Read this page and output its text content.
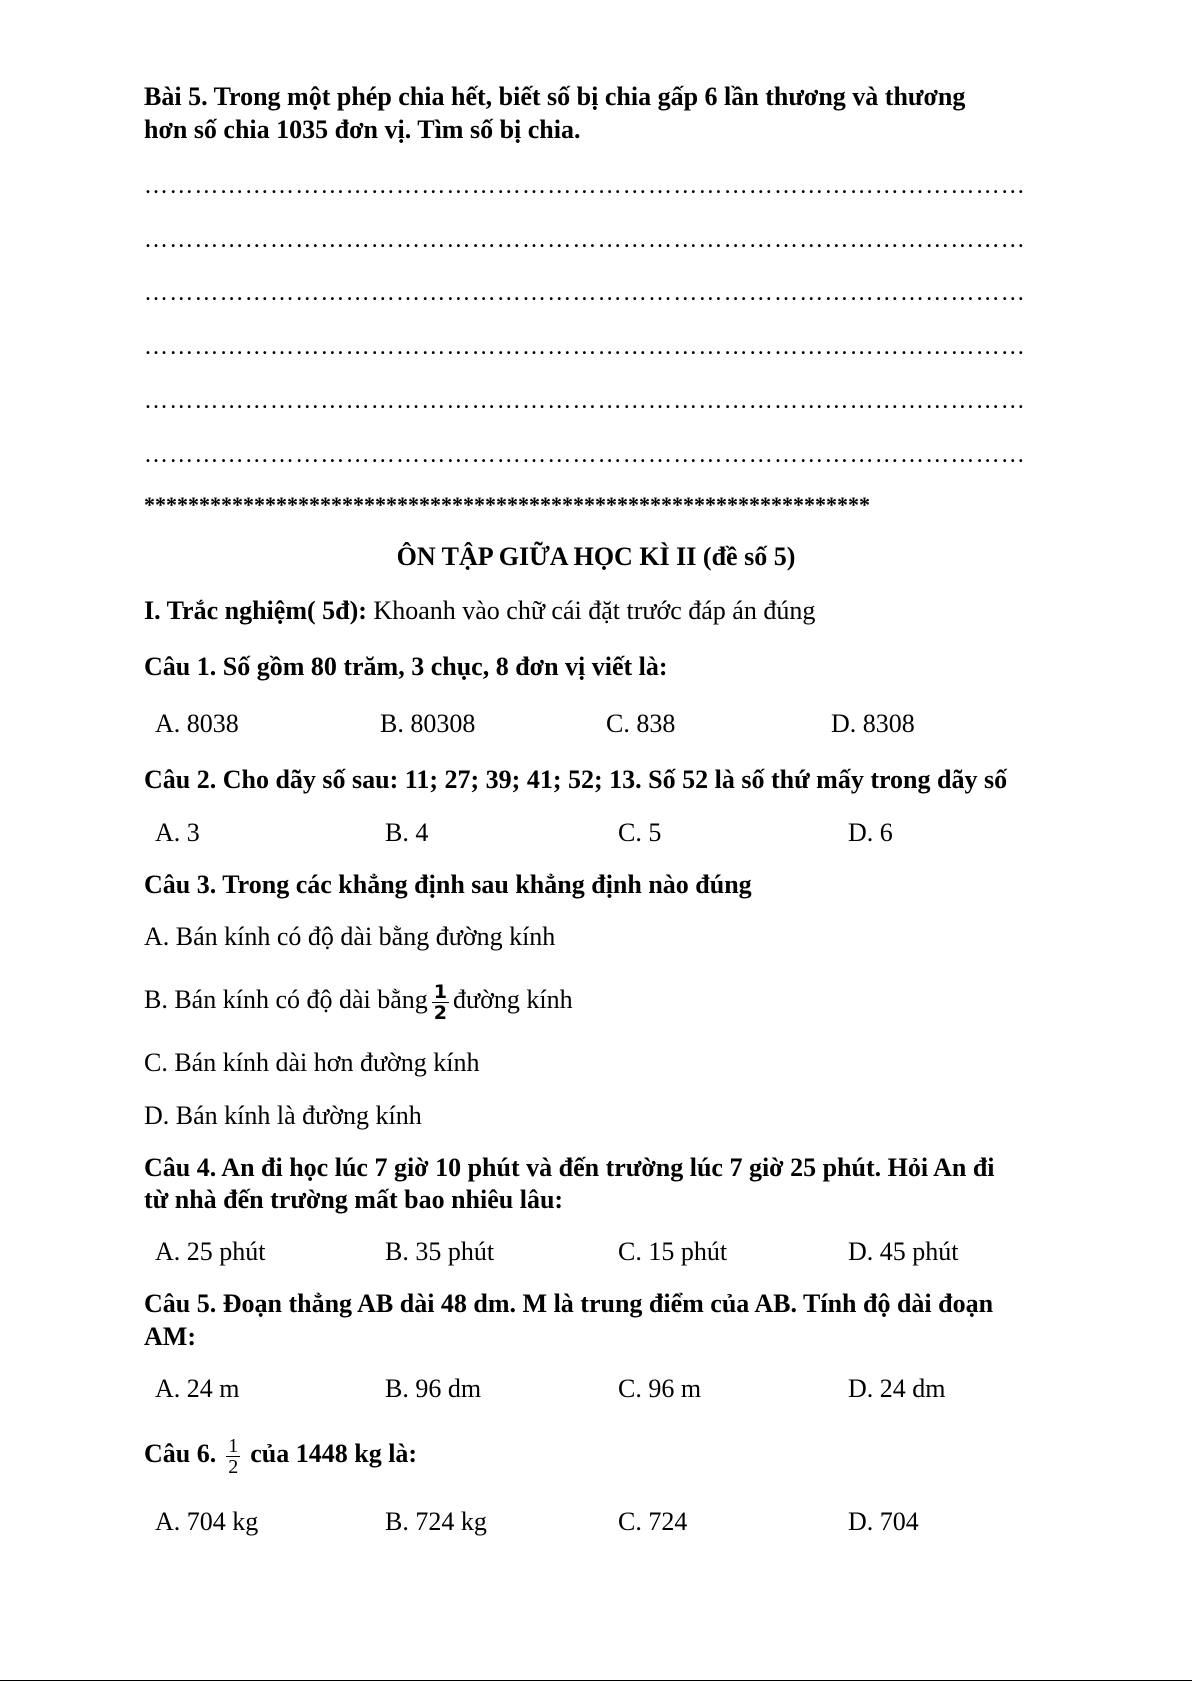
Bài 5. Trong một phép chia hết, biết số bị chia gấp 6 lần thương và thương
hơn số chia 1035 đơn vị. Tìm số bị chia.
……………………………………………………………………………………………
……………………………………………………………………………………………
……………………………………………………………………………………………
……………………………………………………………………………………………
……………………………………………………………………………………………
……………………………………………………………………………………………
******************************************************************
ÔN TẬP GIỮA HỌC KÌ II (đề số 5)
I. Trắc nghiệm( 5đ): Khoanh vào chữ cái đặt trước đáp án đúng
Câu 1. Số gồm 80 trăm, 3 chục, 8 đơn vị viết là:
A. 8038	B. 80308	C. 838	D. 8308
Câu 2. Cho dãy số sau: 11; 27; 39; 41; 52; 13. Số 52 là số thứ mấy trong dãy số
A. 3	B. 4	C. 5	D. 6
Câu 3. Trong các khẳng định sau khẳng định nào đúng
A. Bán kính có độ dài bằng đường kính
B. Bán kính có độ dài bằng $\frac{1}{2}$ đường kính
C. Bán kính dài hơn đường kính
D. Bán kính là đường kính
Câu 4. An đi học lúc 7 giờ 10 phút và đến trường lúc 7 giờ 25 phút. Hỏi An đi
từ nhà đến trường mất bao nhiêu lâu:
A. 25 phút	B. 35 phút	C. 15 phút	D. 45 phút
Câu 5. Đoạn thẳng AB dài 48 dm. M là trung điểm của AB. Tính độ dài đoạn
AM:
A. 24 m	B. 96 dm	C. 96 m	D. 24 dm
Câu 6. $\frac{1}{2}$ của 1448 kg là:
A. 704 kg	B. 724 kg	C. 724	D. 704
